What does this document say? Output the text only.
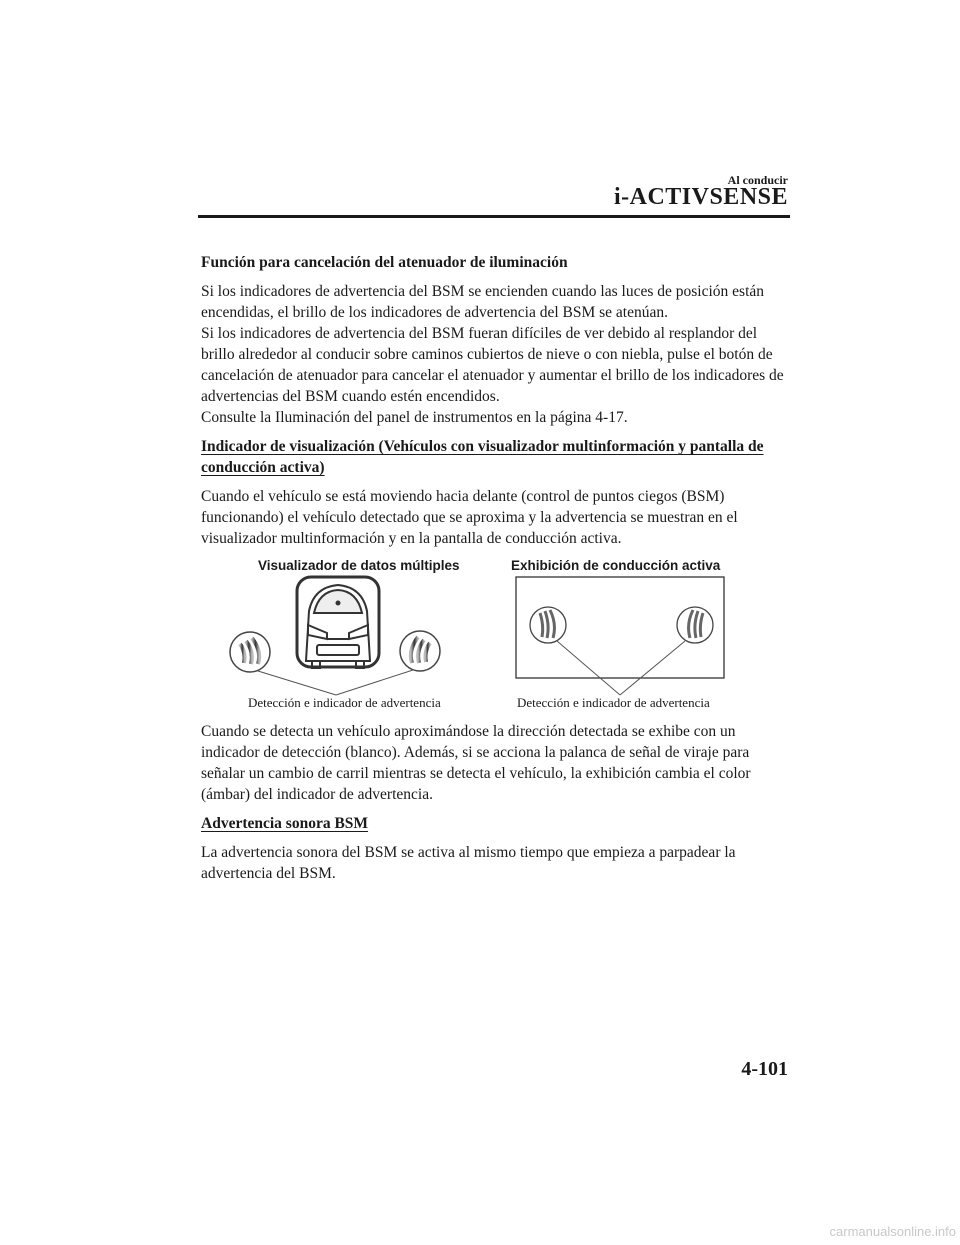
Al conducir
i-ACTIVSENSE
Función para cancelación del atenuador de iluminación

Si los indicadores de advertencia del BSM se encienden cuando las luces de posición están encendidas, el brillo de los indicadores de advertencia del BSM se atenúan.
Si los indicadores de advertencia del BSM fueran difíciles de ver debido al resplandor del brillo alrededor al conducir sobre caminos cubiertos de nieve o con niebla, pulse el botón de cancelación de atenuador para cancelar el atenuador y aumentar el brillo de los indicadores de advertencias del BSM cuando estén encendidos.
Consulte la Iluminación del panel de instrumentos en la página 4-17.

Indicador de visualización (Vehículos con visualizador multinformación y pantalla de conducción activa)

Cuando el vehículo se está moviendo hacia delante (control de puntos ciegos (BSM) funcionando) el vehículo detectado que se aproxima y la advertencia se muestran en el visualizador multinformación y en la pantalla de conducción activa.

Visualizador de datos múltiples	Exhibición de conducción activa
Detección e indicador de advertencia	Detección e indicador de advertencia

Cuando se detecta un vehículo aproximándose la dirección detectada se exhibe con un indicador de detección (blanco). Además, si se acciona la palanca de señal de viraje para señalar un cambio de carril mientras se detecta el vehículo, la exhibición cambia el color (ámbar) del indicador de advertencia.

Advertencia sonora BSM

La advertencia sonora del BSM se activa al mismo tiempo que empieza a parpadear la advertencia del BSM.

4-101
carmanualsonline.info
